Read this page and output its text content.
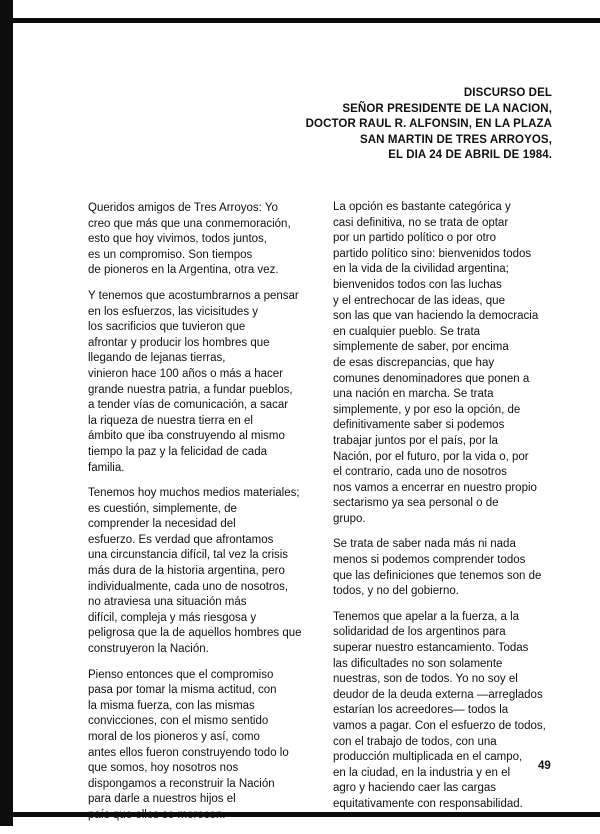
DISCURSO DEL
SEÑOR PRESIDENTE DE LA NACION,
DOCTOR RAUL R. ALFONSIN, EN LA PLAZA
SAN MARTIN DE TRES ARROYOS,
EL DIA 24 DE ABRIL DE 1984.

Queridos amigos de Tres Arroyos: Yo
creo que más que una conmemoración,
esto que hoy vivimos, todos juntos,
es un compromiso. Son tiempos
de pioneros en la Argentina, otra vez.

Y tenemos que acostumbrarnos a pensar
en los esfuerzos, las vicisitudes y
los sacrificios que tuvieron que
afrontar y producir los hombres que
llegando de lejanas tierras,
vinieron hace 100 años o más a hacer
grande nuestra patria, a fundar pueblos,
a tender vías de comunicación, a sacar
la riqueza de nuestra tierra en el
ámbito que iba construyendo al mismo
tiempo la paz y la felicidad de cada
familia.

Tenemos hoy muchos medios materiales;
es cuestión, simplemente, de
comprender la necesidad del
esfuerzo. Es verdad que afrontamos
una circunstancia difícil, tal vez la crisis
más dura de la historia argentina, pero
individualmente, cada uno de nosotros,
no atraviesa una situación más
difícil, compleja y más riesgosa y
peligrosa que la de aquellos hombres que
construyeron la Nación.

Pienso entonces que el compromiso
pasa por tomar la misma actitud, con
la misma fuerza, con las mismas
convicciones, con el mismo sentido
moral de los pioneros y así, como
antes ellos fueron construyendo todo lo
que somos, hoy nosotros nos
dispongamos a reconstruir la Nación
para darle a nuestros hijos el
país que ellos se merecen.

La opción es bastante categórica y
casi definitiva, no se trata de optar
por un partido político o por otro
partido político sino: bienvenidos todos
en la vida de la civilidad argentina;
bienvenidos todos con las luchas
y el entrechocar de las ideas, que
son las que van haciendo la democracia
en cualquier pueblo. Se trata
simplemente de saber, por encima
de esas discrepancias, que hay
comunes denominadores que ponen a
una nación en marcha. Se trata
simplemente, y por eso la opción, de
definitivamente saber si podemos
trabajar juntos por el país, por la
Nación, por el futuro, por la vida o, por
el contrario, cada uno de nosotros
nos vamos a encerrar en nuestro propio
sectarismo ya sea personal o de
grupo.

Se trata de saber nada más ni nada
menos si podemos comprender todos
que las definiciones que tenemos son de
todos, y no del gobierno.

Tenemos que apelar a la fuerza, a la
solidaridad de los argentinos para
superar nuestro estancamiento. Todas
las dificultades no son solamente
nuestras, son de todos. Yo no soy el
deudor de la deuda externa —arreglados
estarían los acreedores— todos la
vamos a pagar. Con el esfuerzo de todos,
con el trabajo de todos, con una
producción multiplicada en el campo,
en la ciudad, en la industria y en el
agro y haciendo caer las cargas
equitativamente con responsabilidad.

49
